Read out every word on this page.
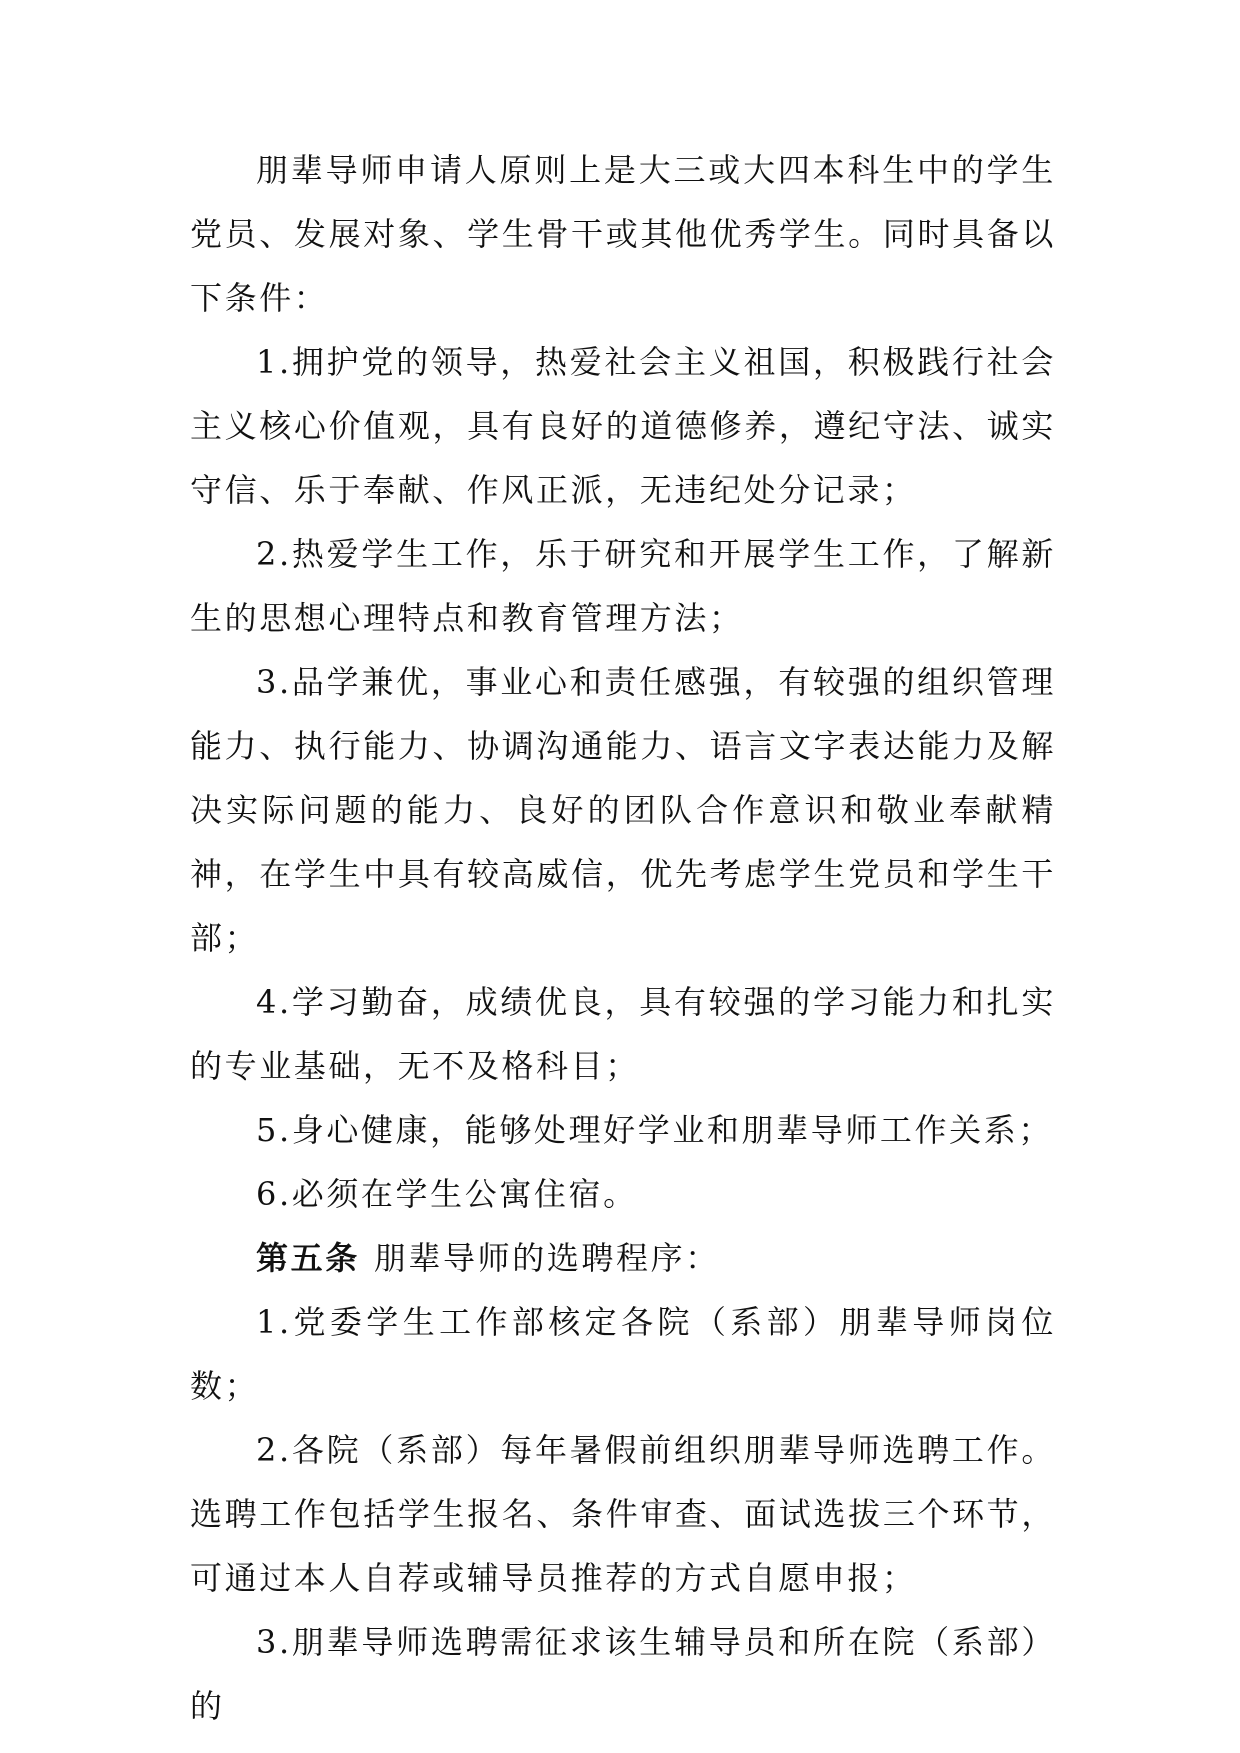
朋辈导师申请人原则上是大三或大四本科生中的学生党员、发展对象、学生骨干或其他优秀学生。同时具备以下条件：

1.拥护党的领导，热爱社会主义祖国，积极践行社会主义核心价值观，具有良好的道德修养，遵纪守法、诚实守信、乐于奉献、作风正派，无违纪处分记录；

2.热爱学生工作，乐于研究和开展学生工作，了解新生的思想心理特点和教育管理方法；

3.品学兼优，事业心和责任感强，有较强的组织管理能力、执行能力、协调沟通能力、语言文字表达能力及解决实际问题的能力、良好的团队合作意识和敬业奉献精神，在学生中具有较高威信，优先考虑学生党员和学生干部；

4.学习勤奋，成绩优良，具有较强的学习能力和扎实的专业基础，无不及格科目；

5.身心健康，能够处理好学业和朋辈导师工作关系；

6.必须在学生公寓住宿。

第五条 朋辈导师的选聘程序：

1.党委学生工作部核定各院（系部）朋辈导师岗位数；

2.各院（系部）每年暑假前组织朋辈导师选聘工作。选聘工作包括学生报名、条件审查、面试选拔三个环节，可通过本人自荐或辅导员推荐的方式自愿申报；

3.朋辈导师选聘需征求该生辅导员和所在院（系部）的
